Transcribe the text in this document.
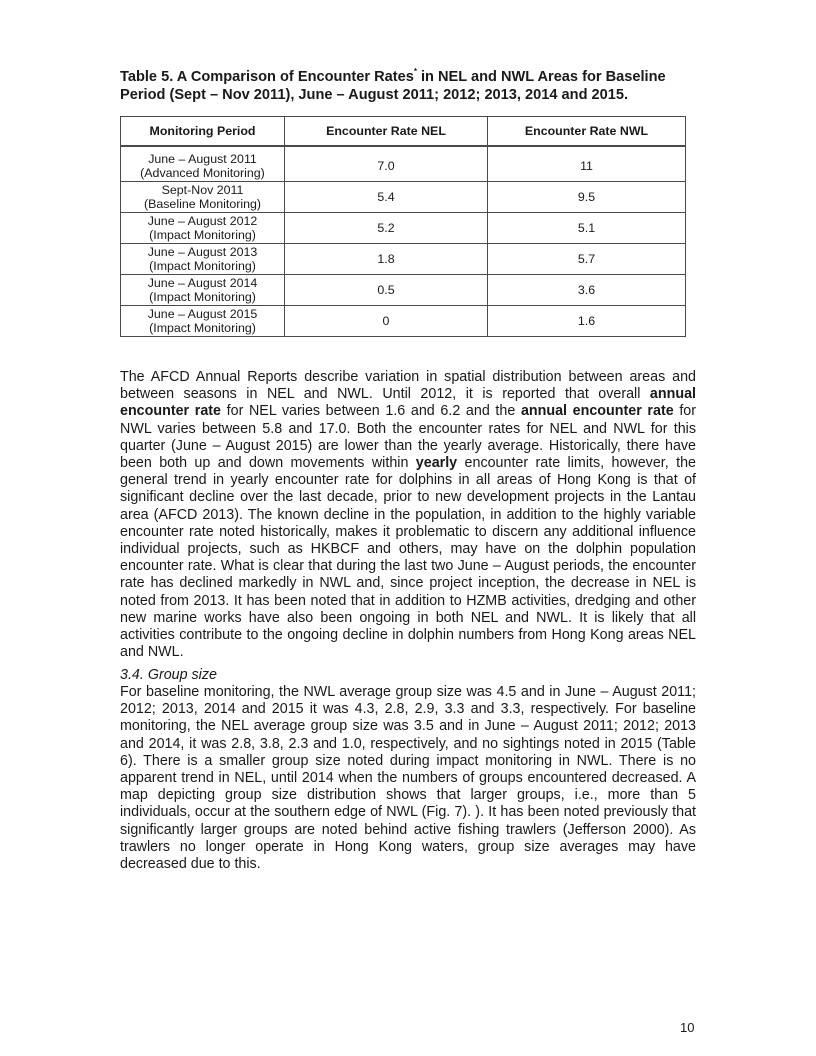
Table 5. A Comparison of Encounter Rates* in NEL and NWL Areas for Baseline Period (Sept – Nov 2011), June – August 2011; 2012; 2013, 2014 and 2015.

Monitoring Period	Encounter Rate NEL	Encounter Rate NWL

June – August 2011
(Advanced Monitoring)	7.0	11
Sept-Nov 2011
(Baseline Monitoring)	5.4	9.5
June – August 2012
(Impact Monitoring)	5.2	5.1
June – August 2013
(Impact Monitoring)	1.8	5.7
June – August 2014
(Impact Monitoring)	0.5	3.6
June – August 2015
(Impact Monitoring)	0	1.6

The AFCD Annual Reports describe variation in spatial distribution between areas and between seasons in NEL and NWL. Until 2012, it is reported that overall annual encounter rate for NEL varies between 1.6 and 6.2 and the annual encounter rate for NWL varies between 5.8 and 17.0. Both the encounter rates for NEL and NWL for this quarter (June – August 2015) are lower than the yearly average. Historically, there have been both up and down movements within yearly encounter rate limits, however, the general trend in yearly encounter rate for dolphins in all areas of Hong Kong is that of significant decline over the last decade, prior to new development projects in the Lantau area (AFCD 2013). The known decline in the population, in addition to the highly variable encounter rate noted historically, makes it problematic to discern any additional influence individual projects, such as HKBCF and others, may have on the dolphin population encounter rate. What is clear that during the last two June – August periods, the encounter rate has declined markedly in NWL and, since project inception, the decrease in NEL is noted from 2013. It has been noted that in addition to HZMB activities, dredging and other new marine works have also been ongoing in both NEL and NWL. It is likely that all activities contribute to the ongoing decline in dolphin numbers from Hong Kong areas NEL and NWL.

3.4. Group size

For baseline monitoring, the NWL average group size was 4.5 and in June – August 2011; 2012; 2013, 2014 and 2015 it was 4.3, 2.8, 2.9, 3.3 and 3.3, respectively. For baseline monitoring, the NEL average group size was 3.5 and in June – August 2011; 2012; 2013 and 2014, it was 2.8, 3.8, 2.3 and 1.0, respectively, and no sightings noted in 2015 (Table 6). There is a smaller group size noted during impact monitoring in NWL. There is no apparent trend in NEL, until 2014 when the numbers of groups encountered decreased. A map depicting group size distribution shows that larger groups, i.e., more than 5 individuals, occur at the southern edge of NWL (Fig. 7). ). It has been noted previously that significantly larger groups are noted behind active fishing trawlers (Jefferson 2000). As trawlers no longer operate in Hong Kong waters, group size averages may have decreased due to this.

10
